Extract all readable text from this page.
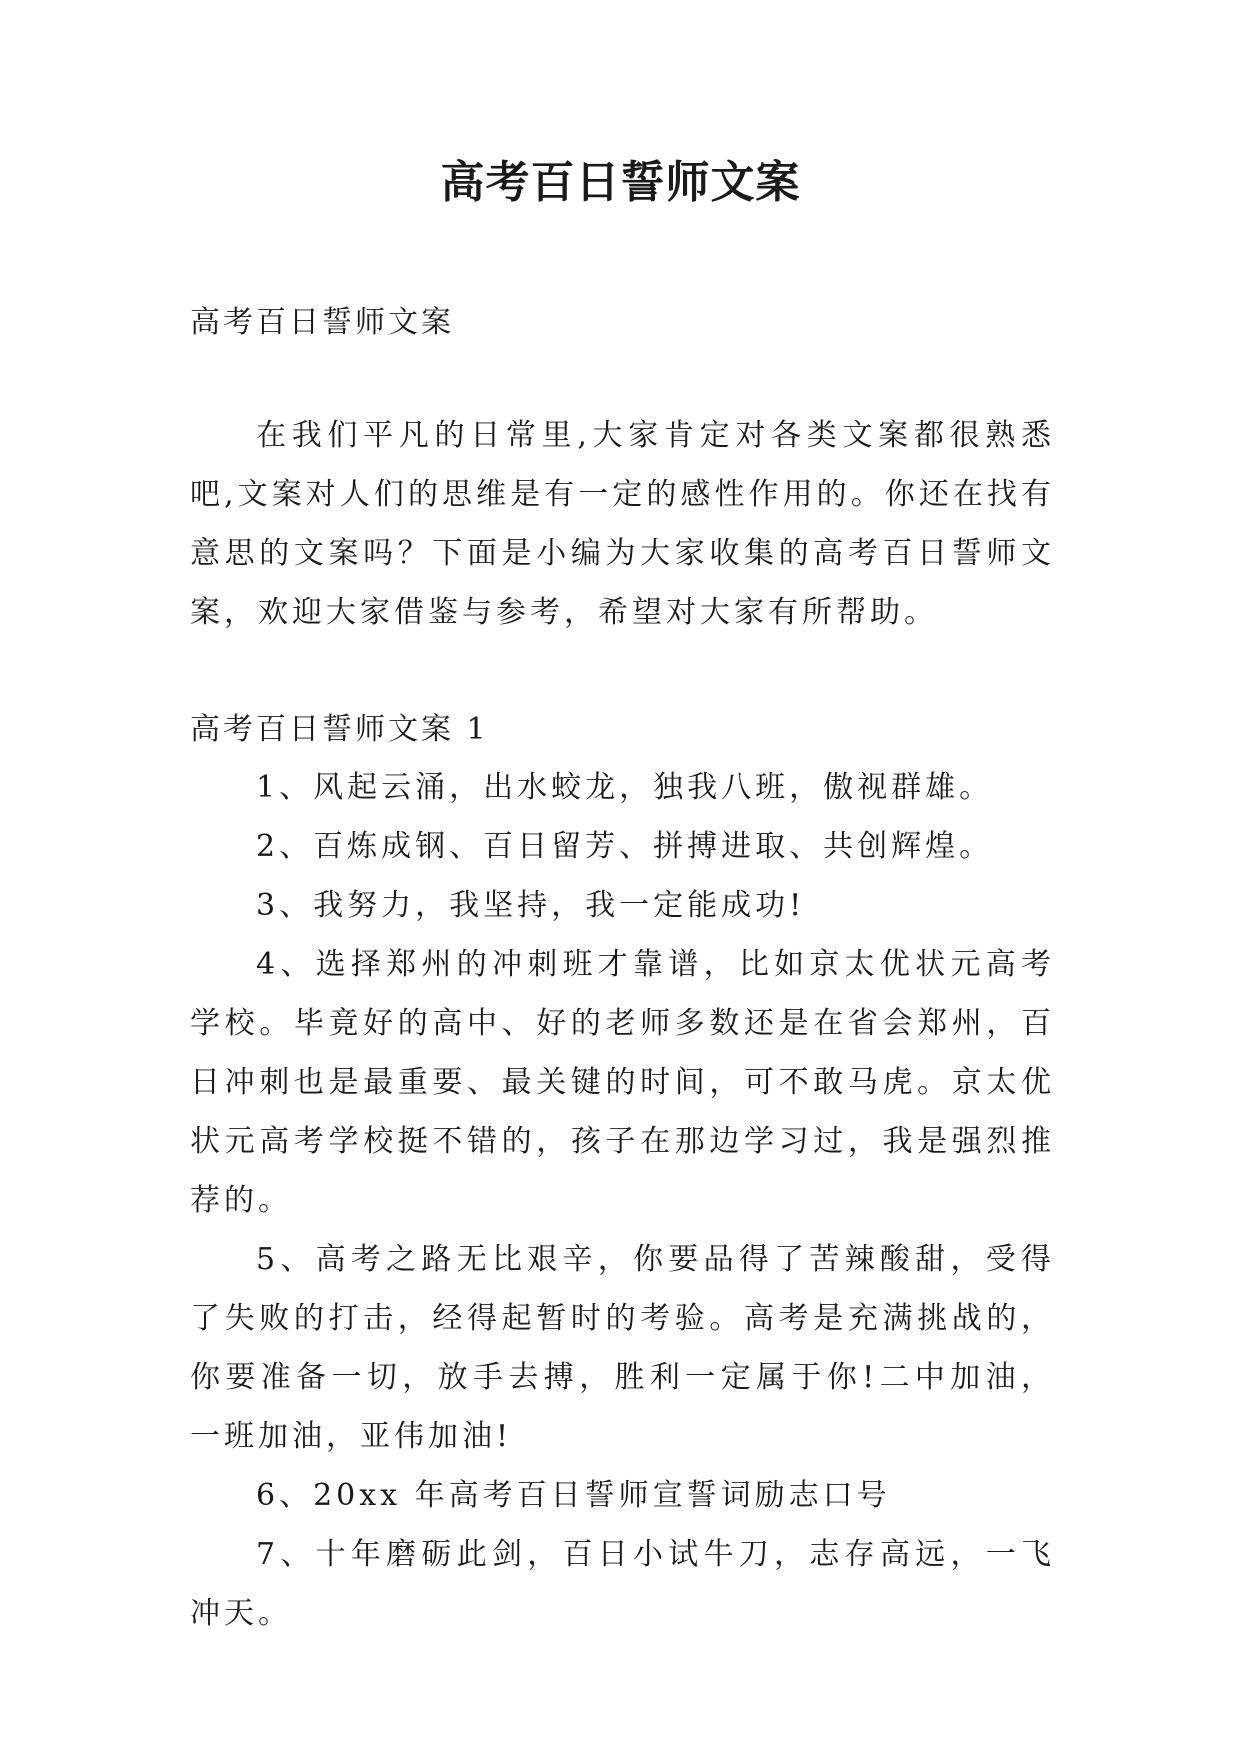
高考百日誓师文案

高考百日誓师文案

在我们平凡的日常里,大家肯定对各类文案都很熟悉吧,文案对人们的思维是有一定的感性作用的。你还在找有意思的文案吗？下面是小编为大家收集的高考百日誓师文案，欢迎大家借鉴与参考，希望对大家有所帮助。

高考百日誓师文案 1

1、风起云涌，出水蛟龙，独我八班，傲视群雄。

2、百炼成钢、百日留芳、拼搏进取、共创辉煌。

3、我努力，我坚持，我一定能成功!

4、选择郑州的冲刺班才靠谱，比如京太优状元高考学校。毕竟好的高中、好的老师多数还是在省会郑州，百日冲刺也是最重要、最关键的时间，可不敢马虎。京太优状元高考学校挺不错的，孩子在那边学习过，我是强烈推荐的。

5、高考之路无比艰辛，你要品得了苦辣酸甜，受得了失败的打击，经得起暂时的考验。高考是充满挑战的，你要准备一切，放手去搏，胜利一定属于你!二中加油，一班加油，亚伟加油!

6、20xx 年高考百日誓师宣誓词励志口号

7、十年磨砺此剑，百日小试牛刀，志存高远，一飞冲天。
